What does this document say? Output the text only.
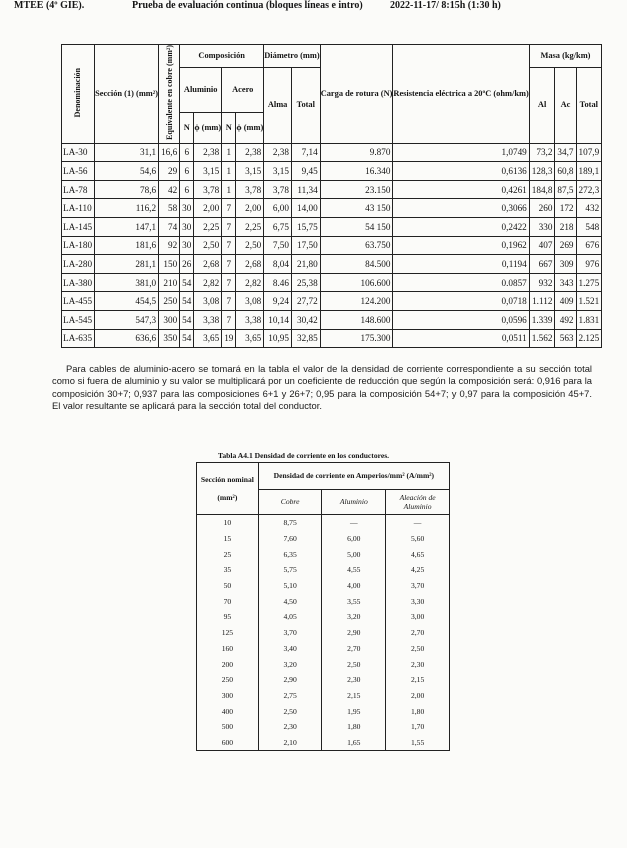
MTEE (4º GIE).	Prueba de evaluación continua (bloques líneas e intro)	2022-11-17/ 8:15h (1:30 h)
Denominación	Sección (1) (mm²)	Equivalente en cobre (mm²)	Composición				Diámetro (mm)		Carga de rotura (N)	Resistencia eléctrica a 20ºC (ohm/km)	Masa (kg/km)		
			Aluminio		Acero		Alma	Total			Al	Ac	Total
			N	ϕ (mm)	N	ϕ (mm)							
LA-30	31,1	16,6	6	2,38	1	2,38	2,38	7,14	9.870	1,0749	73,2	34,7	107,9
LA-56	54,6	29	6	3,15	1	3,15	3,15	9,45	16.340	0,6136	128,3	60,8	189,1
LA-78	78,6	42	6	3,78	1	3,78	3,78	11,34	23.150	0,4261	184,8	87,5	272,3
LA-110	116,2	58	30	2,00	7	2,00	6,00	14,00	43 150	0,3066	260	172	432
LA-145	147,1	74	30	2,25	7	2,25	6,75	15,75	54 150	0,2422	330	218	548
LA-180	181,6	92	30	2,50	7	2,50	7,50	17,50	63.750	0,1962	407	269	676
LA-280	281,1	150	26	2,68	7	2,68	8,04	21,80	84.500	0,1194	667	309	976
LA-380	381,0	210	54	2,82	7	2,82	8.46	25,38	106.600	0.0857	932	343	1.275
LA-455	454,5	250	54	3,08	7	3,08	9,24	27,72	124.200	0,0718	1.112	409	1.521
LA-545	547,3	300	54	3,38	7	3,38	10,14	30,42	148.600	0,0596	1.339	492	1.831
LA-635	636,6	350	54	3,65	19	3,65	10,95	32,85	175.300	0,0511	1.562	563	2.125
Para cables de aluminio-acero se tomará en la tabla el valor de la densidad de corriente correspondiente a su sección total como si fuera de aluminio y su valor se multiplicará por un coeficiente de reducción que según la composición será: 0,916 para la composición 30+7; 0,937 para las composiciones 6+1 y 26+7; 0,95 para la composición 54+7; y 0,97 para la composición 45+7. El valor resultante se aplicará para la sección total del conductor.
Tabla A4.1 Densidad de corriente en los conductores.
Sección nominal

(mm²)	Densidad de corriente en Amperios/mm² (A/mm²)		
	Cobre	Aluminio	Aleación de Aluminio
10	8,75	—	—
15	7,60	6,00	5,60
25	6,35	5,00	4,65
35	5,75	4,55	4,25
50	5,10	4,00	3,70
70	4,50	3,55	3,30
95	4,05	3,20	3,00
125	3,70	2,90	2,70
160	3,40	2,70	2,50
200	3,20	2,50	2,30
250	2,90	2,30	2,15
300	2,75	2,15	2,00
400	2,50	1,95	1,80
500	2,30	1,80	1,70
600	2,10	1,65	1,55
